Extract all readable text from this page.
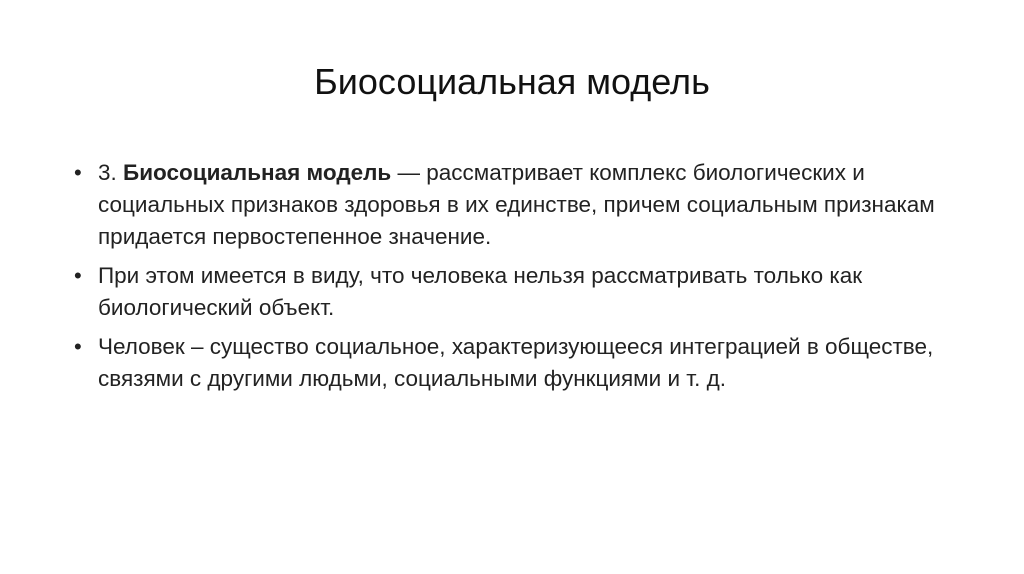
Биосоциальная модель
• 3. Биосоциальная модель — рассматривает комплекс биологических и социальных признаков здоровья в их единстве, причем социальным признакам придается первостепенное значение.
• При этом имеется в виду, что человека нельзя рассматривать только как биологический объект.
• Человек – существо социальное, характеризующееся интеграцией в обществе, связями с другими людьми, социальными функциями и т. д.
